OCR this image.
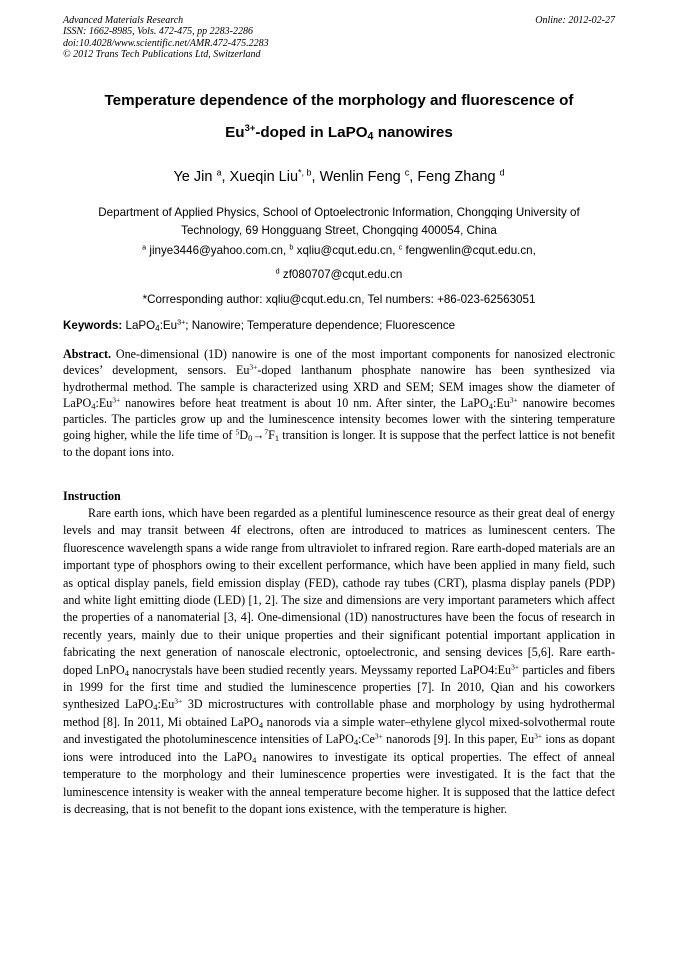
Advanced Materials Research
ISSN: 1662-8985, Vols. 472-475, pp 2283-2286
doi:10.4028/www.scientific.net/AMR.472-475.2283
© 2012 Trans Tech Publications Ltd, Switzerland
Online: 2012-02-27
Temperature dependence of the morphology and fluorescence of
$Eu^{3+}$-doped in LaPO$_4$ nanowires
Ye Jin $^a$, Xueqin Liu$^{*, b}$, Wenlin Feng $^c$, Feng Zhang $^d$
Department of Applied Physics, School of Optoelectronic Information, Chongqing University of
Technology, 69 Hongguang Street, Chongqing 400054, China
$^a$ jinye3446@yahoo.com.cn, $^b$ xqliu@cqut.edu.cn, $^c$ fengwenlin@cqut.edu.cn,
$^d$ zf080707@cqut.edu.cn
*Corresponding author: xqliu@cqut.edu.cn, Tel numbers: +86-023-62563051
Keywords: $LaPO_4:Eu^{3+}$; Nanowire; Temperature dependence; Fluorescence
Abstract. One-dimensional (1D) nanowire is one of the most important components for nanosized electronic devices’ development, sensors. $Eu^{3+}$-doped lanthanum phosphate nanowire has been synthesized via hydrothermal method. The sample is characterized using XRD and SEM; SEM images show the diameter of $LaPO_4:Eu^{3+}$ nanowires before heat treatment is about 10 nm. After sinter, the $LaPO_4:Eu^{3+}$ nanowire becomes particles. The particles grow up and the luminescence intensity becomes lower with the sintering temperature going higher, while the life time of $^5D_0\to^7F_1$ transition is longer. It is suppose that the perfect lattice is not benefit to the dopant ions into.
Instruction
Rare earth ions, which have been regarded as a plentiful luminescence resource as their great deal of energy levels and may transit between 4f electrons, often are introduced to matrices as luminescent centers. The fluorescence wavelength spans a wide range from ultraviolet to infrared region. Rare earth-doped materials are an important type of phosphors owing to their excellent performance, which have been applied in many field, such as optical display panels, field emission display (FED), cathode ray tubes (CRT), plasma display panels (PDP) and white light emitting diode (LED) [1, 2]. The size and dimensions are very important parameters which affect the properties of a nanomaterial [3, 4]. One-dimensional (1D) nanostructures have been the focus of research in recently years, mainly due to their unique properties and their significant potential important application in fabricating the next generation of nanoscale electronic, optoelectronic, and sensing devices [5,6]. Rare earth-doped LnPO$_4$ nanocrystals have been studied recently years. Meyssamy reported $LaPO4:Eu^{3+}$ particles and fibers in 1999 for the first time and studied the luminescence properties [7]. In 2010, Qian and his coworkers synthesized $LaPO_4:Eu^{3+}$ 3D microstructures with controllable phase and morphology by using hydrothermal method [8]. In 2011, Mi obtained LaPO$_4$ nanorods via a simple water–ethylene glycol mixed-solvothermal route and investigated the photoluminescence intensities of $LaPO_4:Ce^{3+}$ nanorods [9]. In this paper, $Eu^{3+}$ ions as dopant ions were introduced into the LaPO$_4$ nanowires to investigate its optical properties. The effect of anneal temperature to the morphology and their luminescence properties were investigated. It is the fact that the luminescence intensity is weaker with the anneal temperature become higher. It is supposed that the lattice defect is decreasing, that is not benefit to the dopant ions existence, with the temperature is higher.
